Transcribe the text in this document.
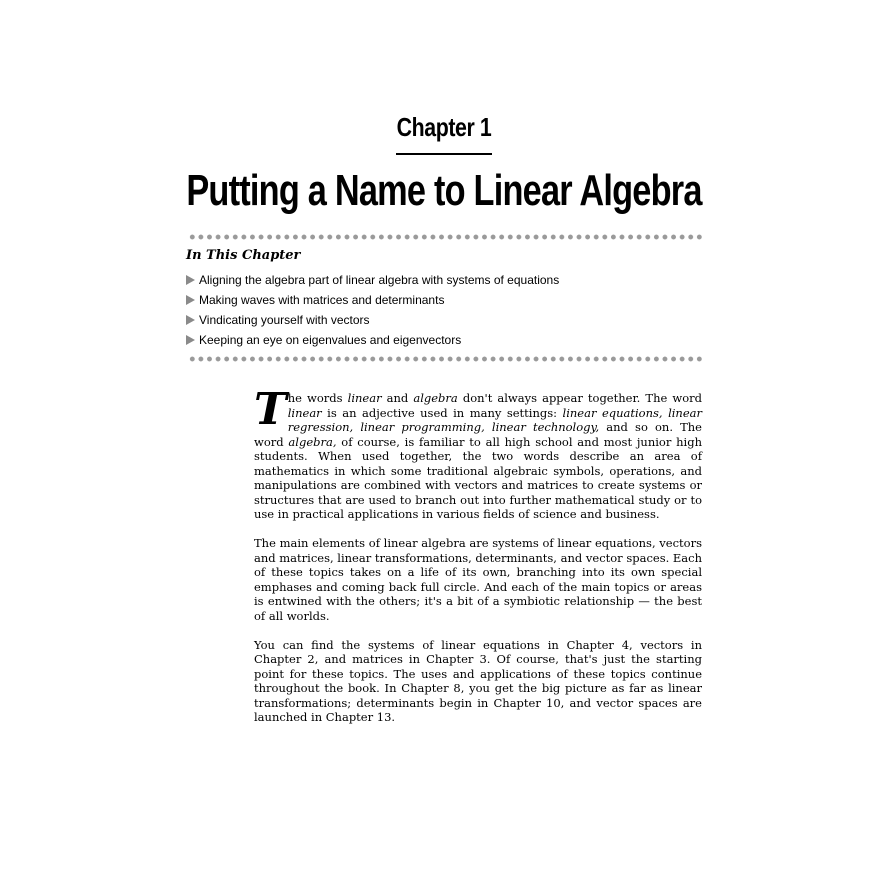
Chapter 1
Putting a Name to Linear Algebra
In This Chapter
Aligning the algebra part of linear algebra with systems of equations
Making waves with matrices and determinants
Vindicating yourself with vectors
Keeping an eye on eigenvalues and eigenvectors

The words linear and algebra don't always appear together. The word linear is an adjective used in many settings: linear equations, linear regression, linear programming, linear technology, and so on. The word algebra, of course, is familiar to all high school and most junior high students. When used together, the two words describe an area of mathematics in which some traditional algebraic symbols, operations, and manipulations are combined with vectors and matrices to create systems or structures that are used to branch out into further mathematical study or to use in practical applications in various fields of science and business.

The main elements of linear algebra are systems of linear equations, vectors and matrices, linear transformations, determinants, and vector spaces. Each of these topics takes on a life of its own, branching into its own special emphases and coming back full circle. And each of the main topics or areas is entwined with the others; it's a bit of a symbiotic relationship — the best of all worlds.

You can find the systems of linear equations in Chapter 4, vectors in Chapter 2, and matrices in Chapter 3. Of course, that's just the starting point for these topics. The uses and applications of these topics continue throughout the book. In Chapter 8, you get the big picture as far as linear transformations; determinants begin in Chapter 10, and vector spaces are launched in Chapter 13.
